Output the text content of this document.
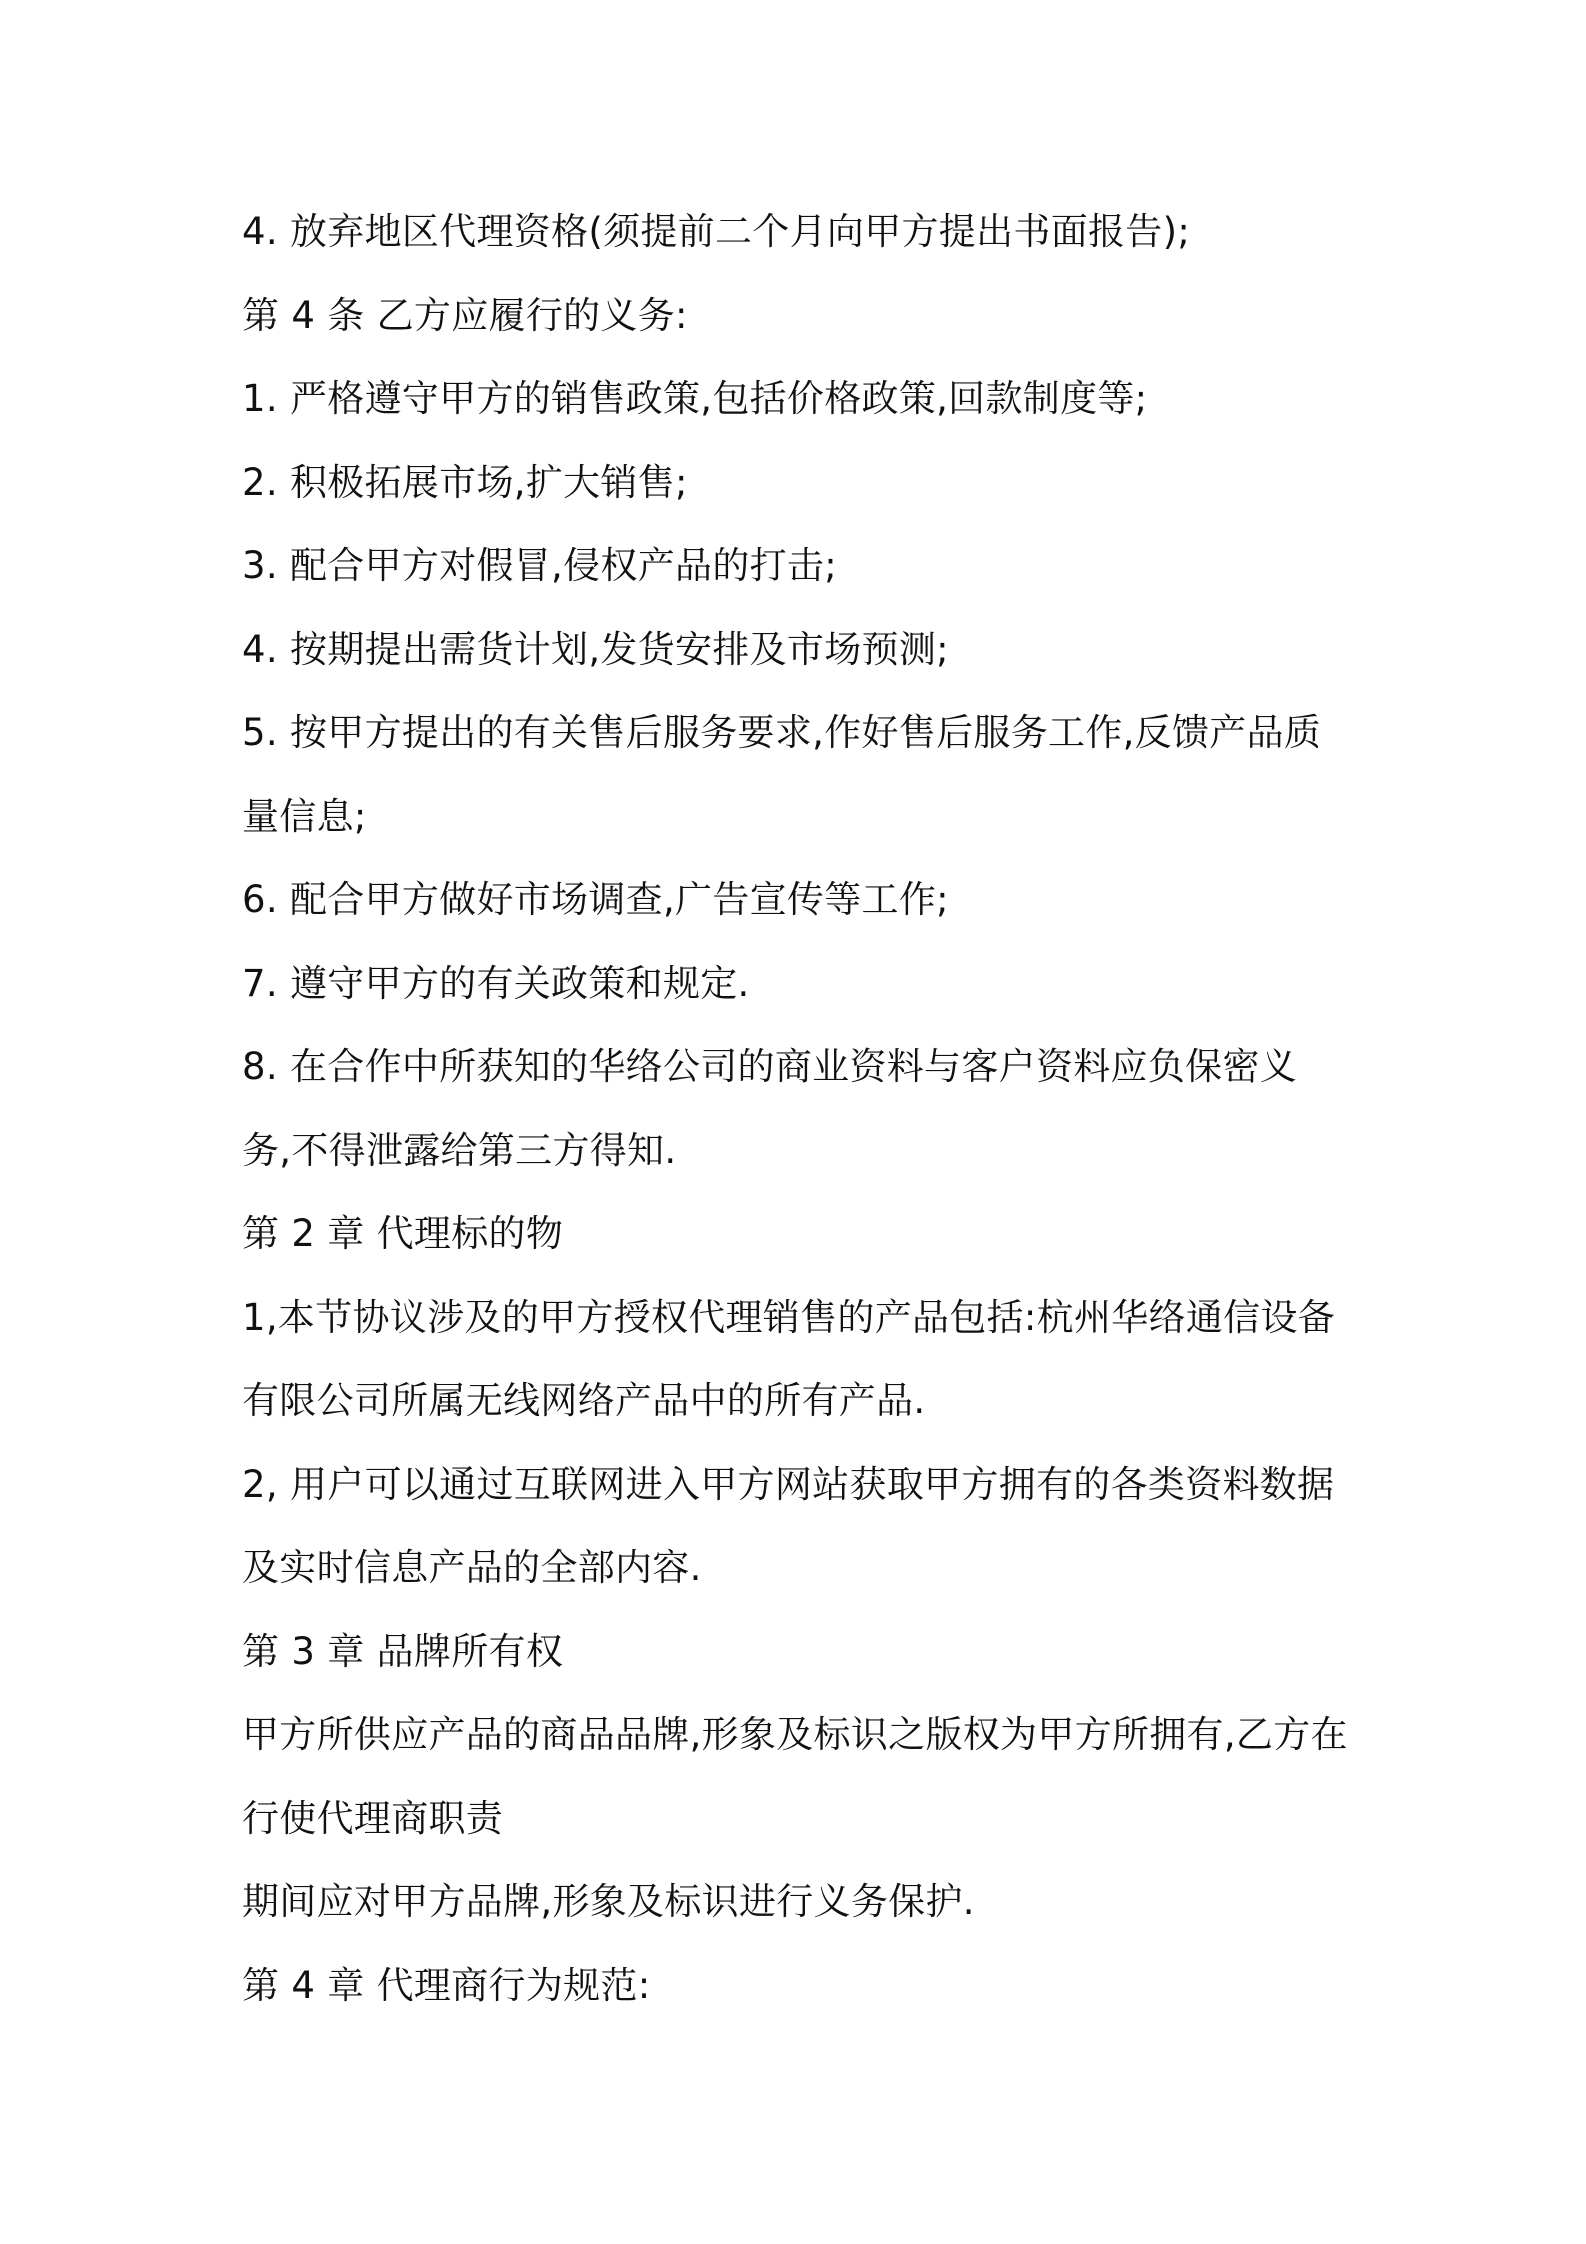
4. 放弃地区代理资格(须提前二个月向甲方提出书面报告);
第 4 条 乙方应履行的义务:
1. 严格遵守甲方的销售政策,包括价格政策,回款制度等;
2. 积极拓展市场,扩大销售;
3. 配合甲方对假冒,侵权产品的打击;
4. 按期提出需货计划,发货安排及市场预测;
5. 按甲方提出的有关售后服务要求,作好售后服务工作,反馈产品质
量信息;
6. 配合甲方做好市场调查,广告宣传等工作;
7. 遵守甲方的有关政策和规定.
8. 在合作中所获知的华络公司的商业资料与客户资料应负保密义
务,不得泄露给第三方得知.
第 2 章 代理标的物
1,本节协议涉及的甲方授权代理销售的产品包括:杭州华络通信设备
有限公司所属无线网络产品中的所有产品.
2, 用户可以通过互联网进入甲方网站获取甲方拥有的各类资料数据
及实时信息产品的全部内容.
第 3 章 品牌所有权
甲方所供应产品的商品品牌,形象及标识之版权为甲方所拥有,乙方在
行使代理商职责
期间应对甲方品牌,形象及标识进行义务保护.
第 4 章 代理商行为规范:
